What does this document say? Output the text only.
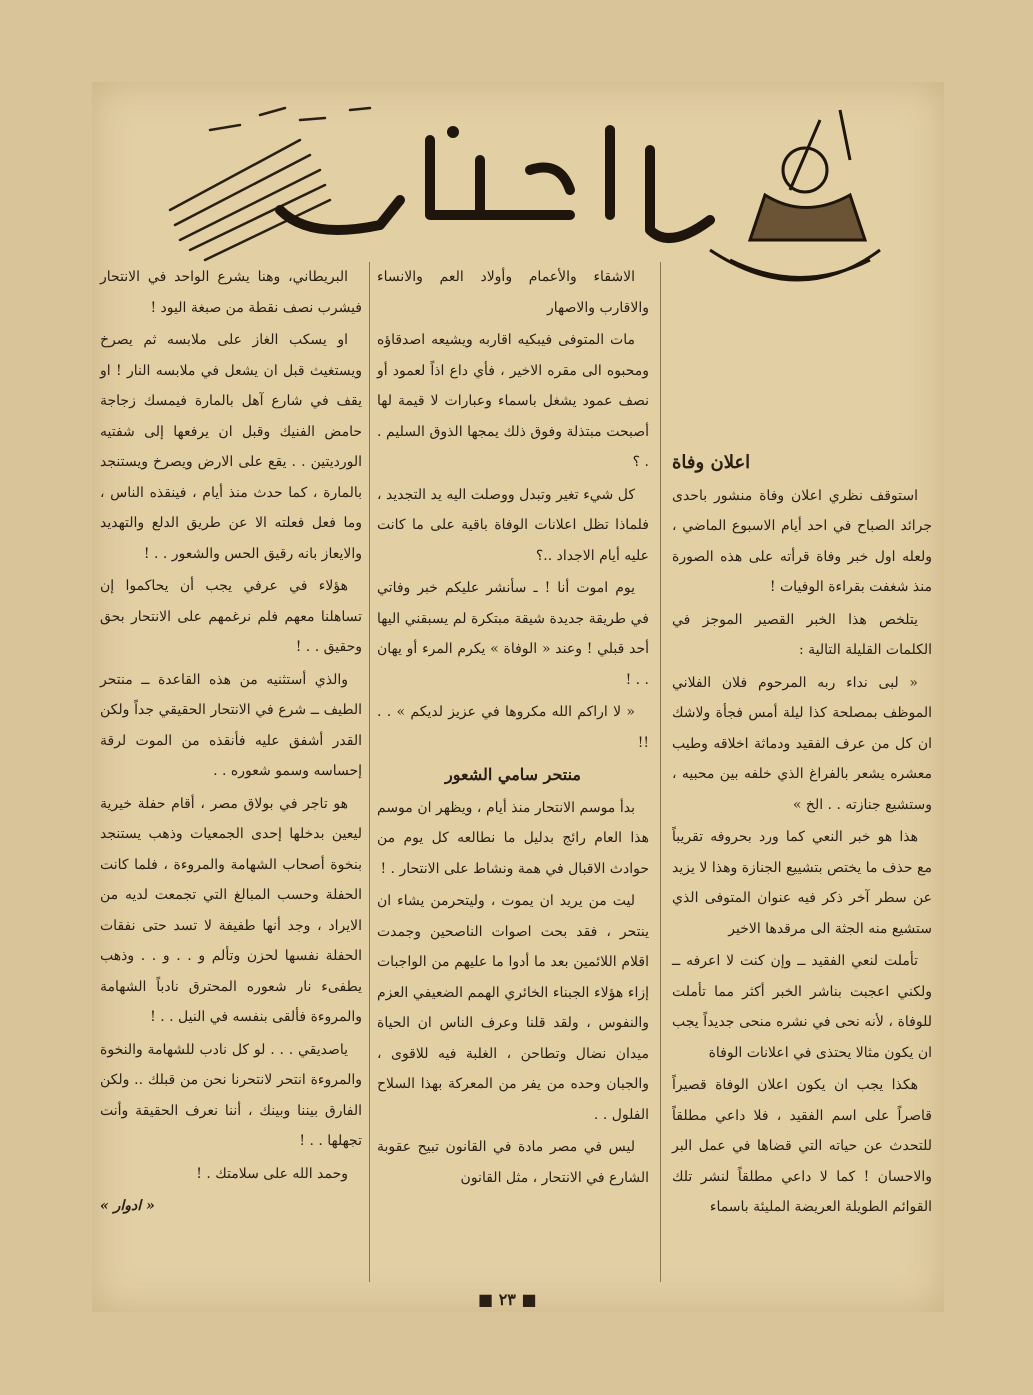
البريطاني، وهنا يشرع الواحد في الانتحار فيشرب نصف نقطة من صبغة اليود !

او يسكب الغاز على ملابسه ثم يصرخ ويستغيث قبل ان يشعل في ملابسه النار ! او يقف في شارع آهل بالمارة فيمسك زجاجة حامض الفنيك وقبل ان يرفعها إلى شفتيه الورديتين . . يقع على الارض ويصرخ ويستنجد بالمارة ، كما حدث منذ أيام ، فينقذه الناس ، وما فعل فعلته الا عن طريق الدلع والتهديد والايعاز بانه رقيق الحس والشعور . . !

هؤلاء في عرفي يجب أن يحاكموا إن تساهلنا معهم فلم نرغمهم على الانتحار بحق وحقيق . . !

والذي أستثنيه من هذه القاعدة ــ منتحر الطيف ــ شرع في الانتحار الحقيقي جداً ولكن القدر أشفق عليه فأنقذه من الموت لرقة إحساسه وسمو شعوره . .

هو تاجر في بولاق مصر ، أقام حفلة خيرية ليعين بدخلها إحدى الجمعيات وذهب يستنجد بنخوة أصحاب الشهامة والمروءة ، فلما كانت الحفلة وحسب المبالغ التي تجمعت لديه من الايراد ، وجد أنها طفيفة لا تسد حتى نفقات الحفلة نفسها لحزن وتألم و . . و . . وذهب يطفىء نار شعوره المحترق نادباً الشهامة والمروءة فألقى بنفسه في النيل . . !

ياصديقي . . . لو كل نادب للشهامة والنخوة والمروءة انتحر لانتحرنا نحن من قبلك .. ولكن الفارق بيننا وبينك ، أننا نعرف الحقيقة وأنت تجهلها . . !

وحمد الله على سلامتك . !

« ادوار »

الاشقاء والأعمام وأولاد العم والانساء والاقارب والاصهار

مات المتوفى فيبكيه اقاربه ويشيعه اصدقاؤه ومحبوه الى مقره الاخير ، فأي داع اذاً لعمود أو نصف عمود يشغل باسماء وعبارات لا قيمة لها أصبحت مبتذلة وفوق ذلك يمجها الذوق السليم . . ؟

كل شيء تغير وتبدل ووصلت اليه يد التجديد ، فلماذا تظل اعلانات الوفاة باقية على ما كانت عليه أيام الاجداد ..؟

يوم اموت أنا ! ـ سأنشر عليكم خبر وفاتي في طريقة جديدة شيقة مبتكرة لم يسبقني اليها أحد قبلي ! وعند « الوفاة » يكرم المرء أو يهان . . !

« لا اراكم الله مكروها في عزيز لديكم » . . !!

منتحر سامي الشعور

بدأ موسم الانتحار منذ أيام ، ويظهر ان موسم هذا العام رائج بدليل ما نطالعه كل يوم من حوادث الاقبال في همة ونشاط على الانتحار . !

ليت من يريد ان يموت ، وليتحرمن يشاء ان ينتحر ، فقد بحت اصوات الناصحين وجمدت اقلام اللائمين بعد ما أدوا ما عليهم من الواجبات إزاء هؤلاء الجبناء الخائري الهمم الضعيفي العزم والنفوس ، ولقد قلنا وعرف الناس ان الحياة ميدان نضال وتطاحن ، الغلبة فيه للاقوى ، والجبان وحده من يفر من المعركة بهذا السلاح الفلول . .

ليس في مصر مادة في القانون تبيح عقوبة الشارع في الانتحار ، مثل القانون

اعلان وفاة

استوقف نظري اعلان وفاة منشور باحدى جرائد الصباح في احد أيام الاسبوع الماضي ، ولعله اول خبر وفاة قرأته على هذه الصورة منذ شغفت بقراءة الوفيات !

يتلخص هذا الخبر القصير الموجز في الكلمات القليلة التالية :

« لبى نداء ربه المرحوم فلان الفلاني الموظف بمصلحة كذا ليلة أمس فجأة ولاشك ان كل من عرف الفقيد ودماثة اخلاقه وطيب معشره يشعر بالفراغ الذي خلفه بين محبيه ، وستشيع جنازته . . الخ »

هذا هو خبر النعي كما ورد بحروفه تقريباً مع حذف ما يختص بتشييع الجنازة وهذا لا يزيد عن سطر آخر ذكر فيه عنوان المتوفى الذي ستشيع منه الجثة الى مرقدها الاخير

تأملت لنعي الفقيد ــ وإن كنت لا اعرفه ــ ولكني اعجبت بناشر الخبر أكثر مما تأملت للوفاة ، لأنه نحى في نشره منحى جديداً يجب ان يكون مثالا يحتذى في اعلانات الوفاة

هكذا يجب ان يكون اعلان الوفاة قصيراً قاصراً على اسم الفقيد ، فلا داعي مطلقاً للتحدث عن حياته التي قضاها في عمل البر والاحسان ! كما لا داعي مطلقاً لنشر تلك القوائم الطويلة العريضة المليئة باسماء

■ ٢٣ ■
